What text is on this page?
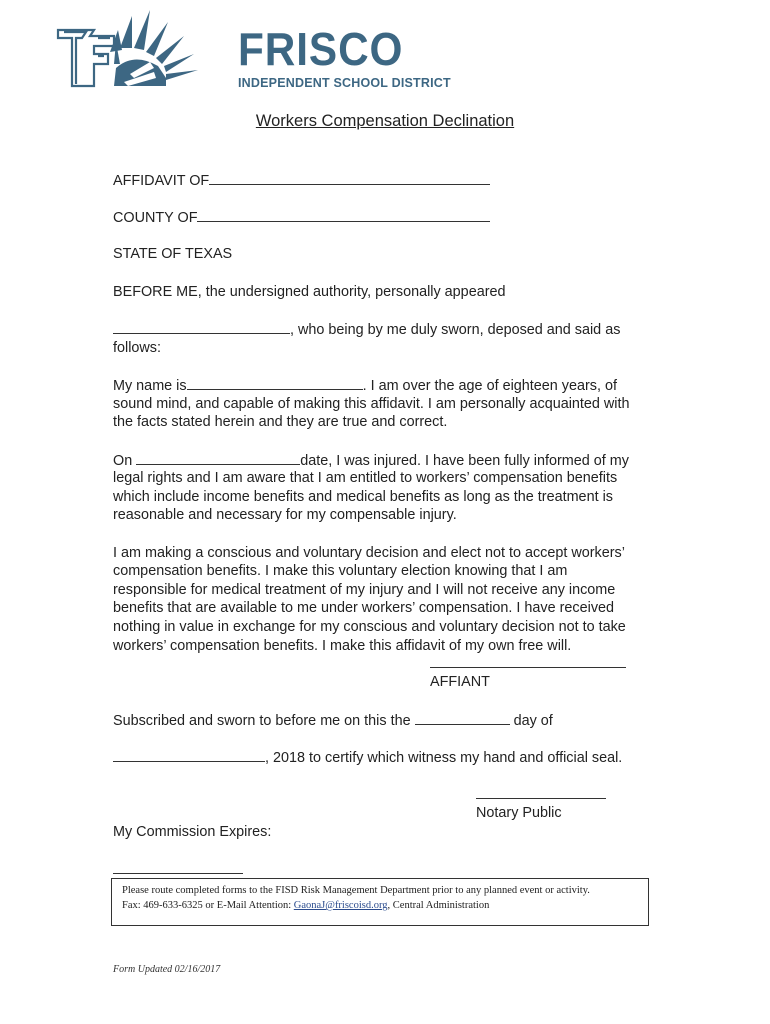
FRISCO
INDEPENDENT SCHOOL DISTRICT
Workers Compensation Declination
AFFIDAVIT OF
COUNTY OF
STATE OF TEXAS
BEFORE ME, the undersigned authority, personally appeared
, who being by me duly sworn, deposed and said as
follows:
My name is	. I am over the age of eighteen years, of
sound mind, and capable of making this affidavit. I am personally acquainted with
the facts stated herein and they are true and correct.
On	date, I was injured. I have been fully informed of my
legal rights and I am aware that I am entitled to workers’ compensation benefits
which include income benefits and medical benefits as long as the treatment is
reasonable and necessary for my compensable injury.
I am making a conscious and voluntary decision and elect not to accept workers’
compensation benefits. I make this voluntary election knowing that I am
responsible for medical treatment of my injury and I will not receive any income
benefits that are available to me under workers’ compensation. I have received
nothing in value in exchange for my conscious and voluntary decision not to take
workers’ compensation benefits. I make this affidavit of my own free will.
AFFIANT
Subscribed and sworn to before me on this the	day of
, 2018 to certify which witness my hand and official seal.
Notary Public
My Commission Expires:
Please route completed forms to the FISD Risk Management Department prior to any planned event or activity.
Fax: 469-633-6325 or E-Mail Attention: GaonaJ@friscoisd.org, Central Administration
Form Updated 02/16/2017
